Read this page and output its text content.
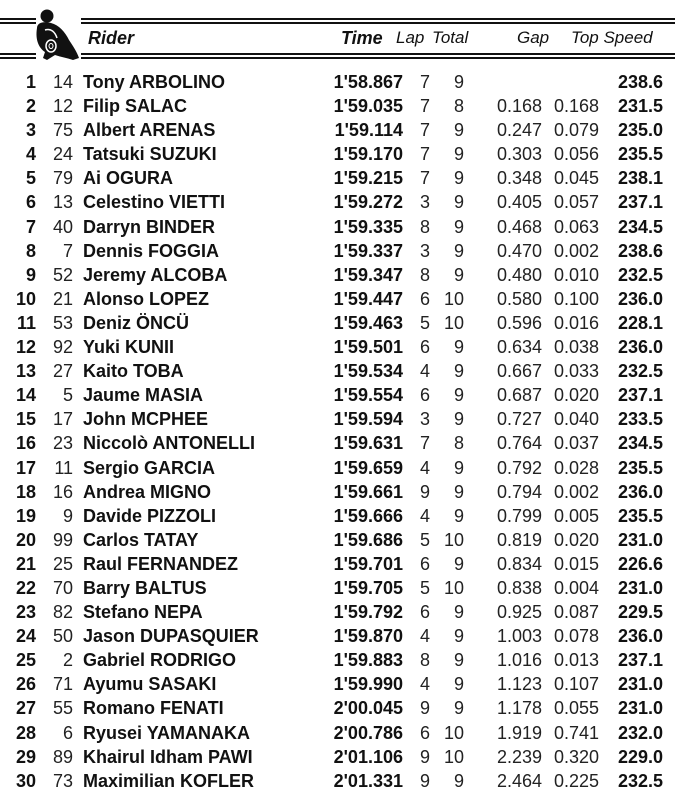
Rider	Time Lap Total	Gap Top Speed
1 14 Tony ARBOLINO	1'58.867 7	9	238.6
2 12 Filip SALAC	1'59.035 7	8	0.168 0.168	231.5
3 75 Albert ARENAS	1'59.114 7	9	0.247 0.079	235.0
4 24 Tatsuki SUZUKI	1'59.170 7	9	0.303 0.056	235.5
5 79 Ai OGURA	1'59.215 7	9	0.348 0.045	238.1
6 13 Celestino VIETTI	1'59.272 3	9	0.405 0.057	237.1
7 40 Darryn BINDER	1'59.335 8	9	0.468 0.063	234.5
8	7 Dennis FOGGIA	1'59.337 3	9	0.470 0.002	238.6
9 52 Jeremy ALCOBA	1'59.347 8	9	0.480 0.010	232.5
10 21 Alonso LOPEZ	1'59.447 6 10	0.580 0.100	236.0
11 53 Deniz ÖNCÜ	1'59.463 5 10	0.596 0.016	228.1
12 92 Yuki KUNII	1'59.501 6	9	0.634 0.038	236.0
13 27 Kaito TOBA	1'59.534 4	9	0.667 0.033	232.5
14	5 Jaume MASIA	1'59.554 6	9	0.687 0.020	237.1
15 17 John MCPHEE	1'59.594 3	9	0.727 0.040	233.5
16 23 Niccolò ANTONELLI	1'59.631 7	8	0.764 0.037	234.5
17	11 Sergio GARCIA	1'59.659 4	9	0.792 0.028	235.5
18 16 Andrea MIGNO	1'59.661 9	9	0.794 0.002	236.0
19	9 Davide PIZZOLI	1'59.666 4	9	0.799 0.005	235.5
20 99 Carlos TATAY	1'59.686 5 10	0.819 0.020	231.0
21 25 Raul FERNANDEZ	1'59.701 6	9	0.834 0.015	226.6
22 70 Barry BALTUS	1'59.705 5 10	0.838 0.004	231.0
23 82 Stefano NEPA	1'59.792 6	9	0.925 0.087	229.5
24 50 Jason DUPASQUIER	1'59.870 4	9	1.003 0.078	236.0
25	2 Gabriel RODRIGO	1'59.883 8	9	1.016 0.013	237.1
26 71 Ayumu SASAKI	1'59.990 4	9	1.123 0.107	231.0
27 55 Romano FENATI	2'00.045 9	9	1.178 0.055	231.0
28	6 Ryusei YAMANAKA	2'00.786 6 10	1.919 0.741	232.0
29 89 Khairul Idham PAWI	2'01.106 9 10	2.239 0.320	229.0
30 73 Maximilian KOFLER	2'01.331 9	9	2.464 0.225	232.5
